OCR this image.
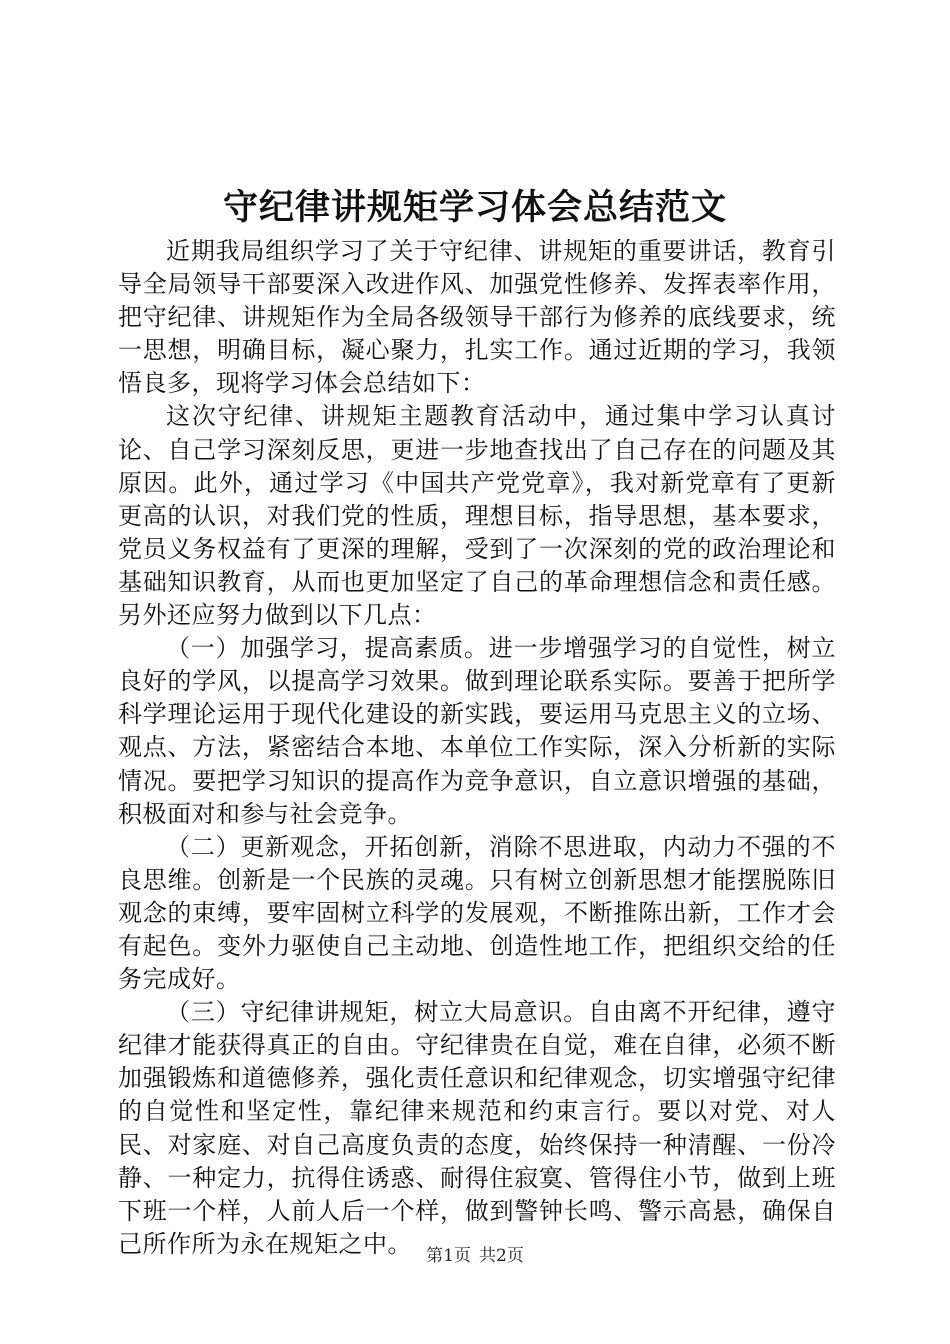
守纪律讲规矩学习体会总结范文

近期我局组织学习了关于守纪律、讲规矩的重要讲话，教育引导全局领导干部要深入改进作风、加强党性修养、发挥表率作用，把守纪律、讲规矩作为全局各级领导干部行为修养的底线要求，统一思想，明确目标，凝心聚力，扎实工作。通过近期的学习，我领悟良多，现将学习体会总结如下：

这次守纪律、讲规矩主题教育活动中，通过集中学习认真讨论、自己学习深刻反思，更进一步地查找出了自己存在的问题及其原因。此外，通过学习《中国共产党党章》，我对新党章有了更新更高的认识，对我们党的性质，理想目标，指导思想，基本要求，党员义务权益有了更深的理解，受到了一次深刻的党的政治理论和基础知识教育，从而也更加坚定了自己的革命理想信念和责任感。另外还应努力做到以下几点：

（一）加强学习，提高素质。进一步增强学习的自觉性，树立良好的学风，以提高学习效果。做到理论联系实际。要善于把所学科学理论运用于现代化建设的新实践，要运用马克思主义的立场、观点、方法，紧密结合本地、本单位工作实际，深入分析新的实际情况。要把学习知识的提高作为竞争意识，自立意识增强的基础，积极面对和参与社会竞争。

（二）更新观念，开拓创新，消除不思进取，内动力不强的不良思维。创新是一个民族的灵魂。只有树立创新思想才能摆脱陈旧观念的束缚，要牢固树立科学的发展观，不断推陈出新，工作才会有起色。变外力驱使自己主动地、创造性地工作，把组织交给的任务完成好。

（三）守纪律讲规矩，树立大局意识。自由离不开纪律，遵守纪律才能获得真正的自由。守纪律贵在自觉，难在自律，必须不断加强锻炼和道德修养，强化责任意识和纪律观念，切实增强守纪律的自觉性和坚定性，靠纪律来规范和约束言行。要以对党、对人民、对家庭、对自己高度负责的态度，始终保持一种清醒、一份冷静、一种定力，抗得住诱惑、耐得住寂寞、管得住小节，做到上班下班一个样，人前人后一个样，做到警钟长鸣、警示高悬，确保自己所作所为永在规矩之中。 第1页 共2页
